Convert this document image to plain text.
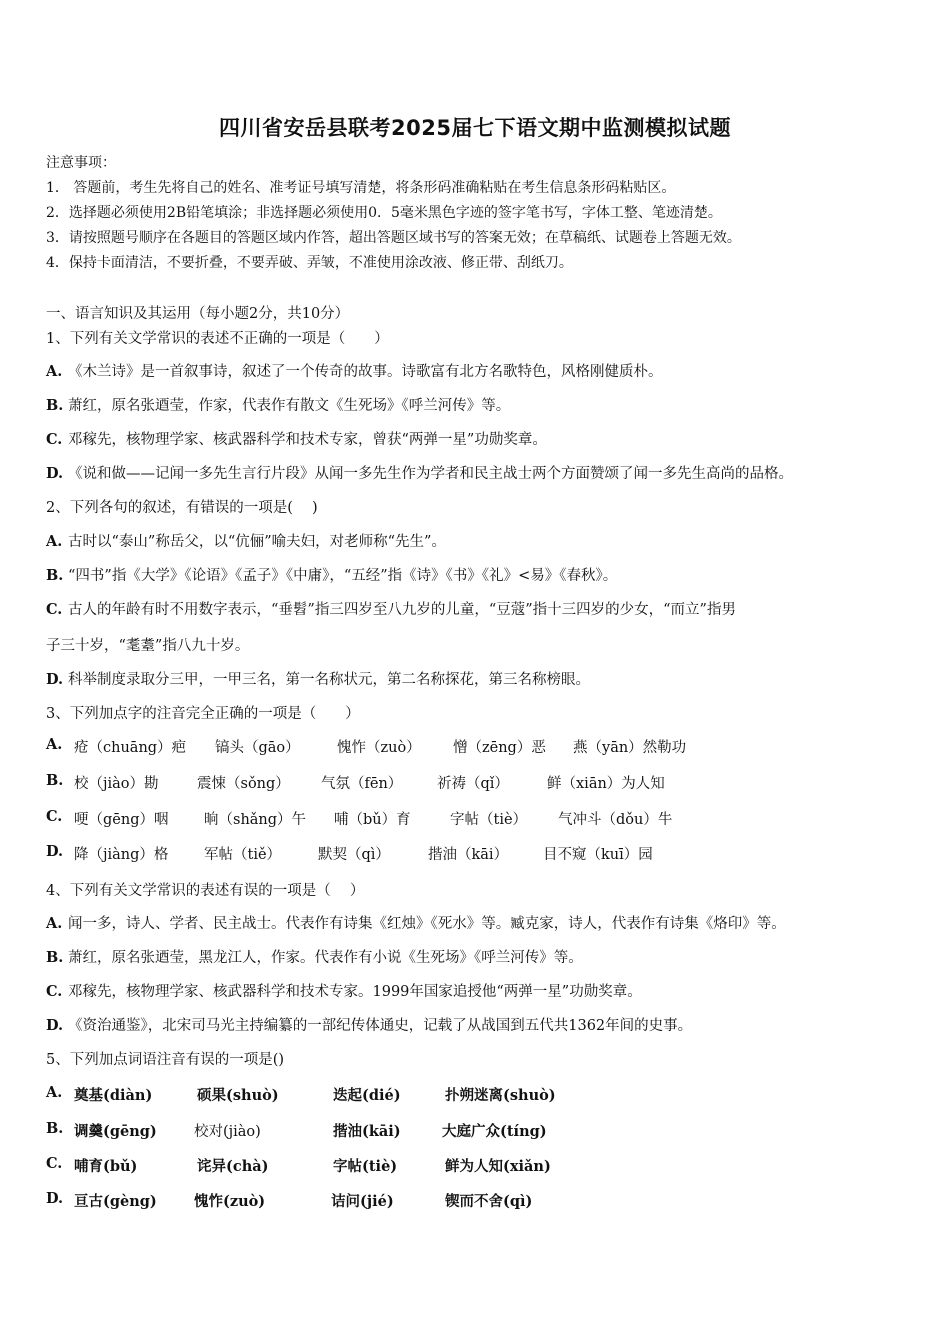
四川省安岳县联考2025届七下语文期中监测模拟试题
注意事项：
1． 答题前，考生先将自己的姓名、准考证号填写清楚，将条形码准确粘贴在考生信息条形码粘贴区。
2．选择题必须使用2B铅笔填涂；非选择题必须使用0．5毫米黑色字迹的签字笔书写，字体工整、笔迹清楚。
3．请按照题号顺序在各题目的答题区域内作答，超出答题区域书写的答案无效；在草稿纸、试题卷上答题无效。
4．保持卡面清洁，不要折叠，不要弄破、弄皱，不准使用涂改液、修正带、刮纸刀。
一、语言知识及其运用（每小题2分，共10分）
1、下列有关文学常识的表述不正确的一项是（　　）
A. 《木兰诗》是一首叙事诗，叙述了一个传奇的故事。诗歌富有北方名歌特色，风格刚健质朴。
B. 萧红，原名张逎莹，作家，代表作有散文《生死场》《呼兰河传》等。
C. 邓稼先，核物理学家、核武器科学和技术专家，曾获“两弹一星”功勋奖章。
D. 《说和做——记闻一多先生言行片段》从闻一多先生作为学者和民主战士两个方面赞颂了闻一多先生高尚的品格。
2、下列各句的叙述，有错误的一项是(　 )
A. 古时以“泰山”称岳父，以“伉俪”喻夫妇，对老师称“先生”。
B. “四书”指《大学》《论语》《孟子》《中庸》，“五经”指《诗》《书》《礼》<易》《春秋》。
C. 古人的年龄有时不用数字表示，“垂髫”指三四岁至八九岁的儿童，“豆蔻”指十三四岁的少女，“而立”指男
子三十岁，“耄耋”指八九十岁。
D. 科举制度录取分三甲，一甲三名，第一名称状元，第二名称探花，第三名称榜眼。
3、下列加点字的注音完全正确的一项是（　　）
A. 疮（chuāng）疤 镐头（gāo）	愧怍（zuò） 憎（zēng）恶 燕（yān）然勒功
B. 校（jiào）勘	震悚（sǒng） 气氛（fēn） 祈祷（qǐ）	鲜（xiān）为人知
C. 哽（gēng）咽 晌（shǎng）午 哺（bǔ）育	字帖（tiè） 气冲斗（dǒu）牛
D. 降（jiàng）格 军帖（tiě）	默契（qì）	揩油（kāi） 目不窥（kuī）园
4、下列有关文学常识的表述有误的一项是（　 ）
A. 闻一多，诗人、学者、民主战士。代表作有诗集《红烛》《死水》等。臧克家，诗人，代表作有诗集《烙印》等。
B. 萧红，原名张迺莹，黑龙江人，作家。代表作有小说《生死场》《呼兰河传》等。
C. 邓稼先，核物理学家、核武器科学和技术专家。1999年国家追授他“两弹一星”功勋奖章。
D. 《资治通鉴》，北宋司马光主持编纂的一部纪传体通史，记载了从战国到五代共1362年间的史事。
5、下列加点词语注音有误的一项是()
A. 奠基(diàn)	硕果(shuò)	迭起(dié)	扑朔迷离(shuò)
B. 调羹(gēng)	校对(jiào)	揩油(kāi)	大庭广众(tíng)
C. 哺育(bǔ)	诧异(chà)	字帖(tiè)	鲜为人知(xiǎn)
D. 亘古(gèng)	愧怍(zuò)	诘问(jié)	锲而不舍(qì)
